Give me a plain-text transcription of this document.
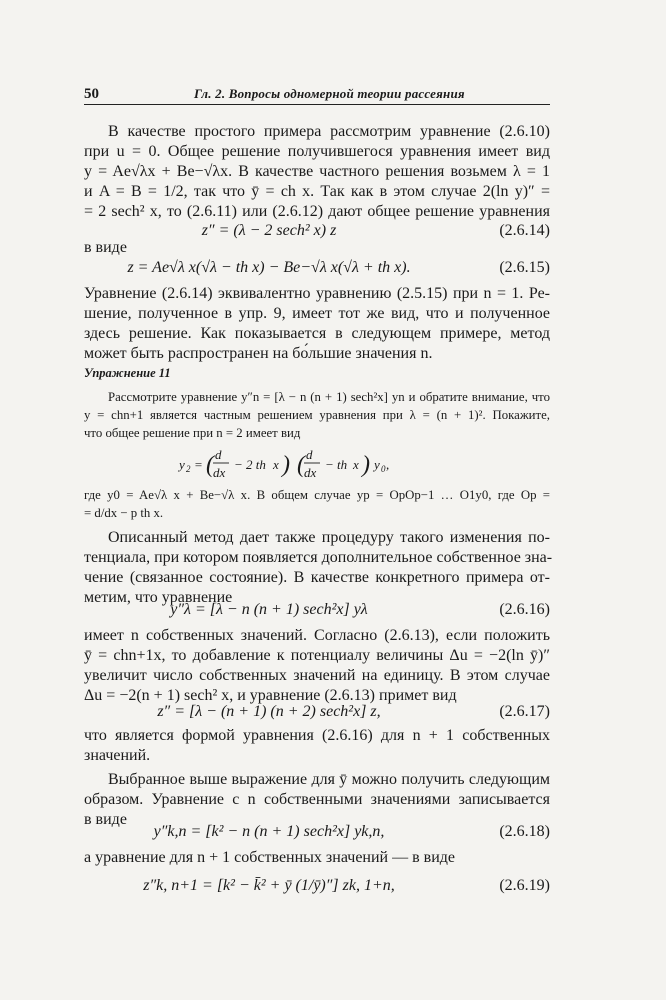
50	Гл. 2. Вопросы одномерной теории рассеяния
В качестве проcтого примера рассмотрим уравнение (2.6.10)
при u = 0. Общее решение получившегося уравнения имеет вид
y = Ae√λx + Be−√λx. В качестве частного решения возьмем λ = 1
и A = B = 1/2, так что ȳ = ch x. Так как в этом случае 2(ln y)″ =
= 2 sech² x, то (2.6.11) или (2.6.12) дают общее решение уравнения
z″ = (λ − 2 sech² x) z	(2.6.14)
в виде
z = Ae√λ x(√λ − th x) − Be−√λ x(√λ + th x).	(2.6.15)
Уравнение (2.6.14) эквивалентно уравнению (2.5.15) при n = 1. Ре-
шение, полученное в упр. 9, имеет тот же вид, что и полученное
здесь решение. Как показывается в следующем примере, метод
может быть распространен на бо́льшие значения n.
Упражнение 11
Рассмотрите уравнение y″n = [λ − n (n + 1) sech²x] yn и обратите внимание, что
y = chn+1 является частным решением уравнения при λ = (n + 1)². Покажите,
что общее решение при n = 2 имеет вид
y 2 = ( d
dx
− 2 th x ) ( d
dx
− th x ) y 0 ,
где y0 = Ae√λ x + Be−√λ x. В общем случае yp = OpOp−1 … O1y0, где Op =
= d/dx − p th x.
Описанный метод дает также процедуру такого изменения по-
тенциала, при котором появляется дополнительное собственное зна-
чение (связанное состояние). В качестве конкретного примера от-
метим, что уравнение
y″λ = [λ − n (n + 1) sech²x] yλ	(2.6.16)
имеет n собственных значений. Согласно (2.6.13), если положить
ȳ = chn+1x, то добавление к потенциалу величины Δu = −2(ln ȳ)″
увеличит число собственных значений на единицу. В этом случае
Δu = −2(n + 1) sech² x, и уравнение (2.6.13) примет вид
z″ = [λ − (n + 1) (n + 2) sech²x] z,	(2.6.17)
что является формой уравнения (2.6.16) для n + 1 собственных
значений.
Выбранное выше выражение для ȳ можно получить следующим
образом. Уравнение с n собственными значениями записывается
в виде
y″k,n = [k² − n (n + 1) sech²x] yk,n,	(2.6.18)
а уравнение для n + 1 собственных значений — в виде
z″k, n+1 = [k² − k̄² + ȳ (1/ȳ)″] zk, 1+n,	(2.6.19)
